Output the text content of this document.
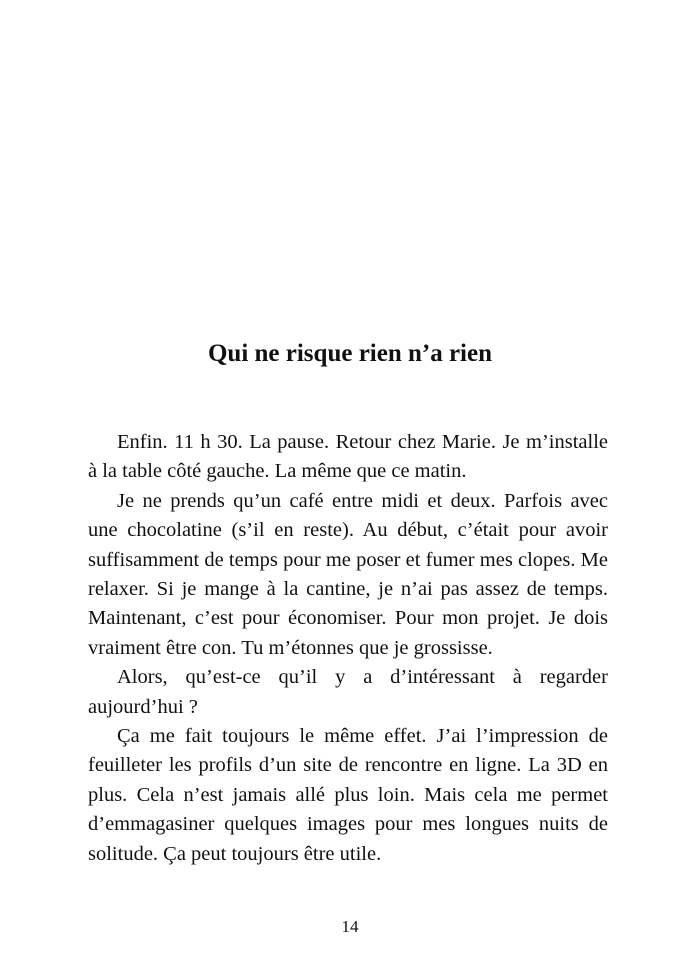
Qui ne risque rien n’a rien

Enfin. 11 h 30. La pause. Retour chez Marie. Je m’installe à la table côté gauche. La même que ce matin.

Je ne prends qu’un café entre midi et deux. Parfois avec une chocolatine (s’il en reste). Au début, c’était pour avoir suffisamment de temps pour me poser et fumer mes clopes. Me relaxer. Si je mange à la cantine, je n’ai pas assez de temps. Maintenant, c’est pour économiser. Pour mon projet. Je dois vraiment être con. Tu m’étonnes que je grossisse.

Alors, qu’est-ce qu’il y a d’intéressant à regarder aujourd’hui ?

Ça me fait toujours le même effet. J’ai l’impression de feuilleter les profils d’un site de rencontre en ligne. La 3D en plus. Cela n’est jamais allé plus loin. Mais cela me permet d’emmagasiner quelques images pour mes longues nuits de solitude. Ça peut toujours être utile.

14
